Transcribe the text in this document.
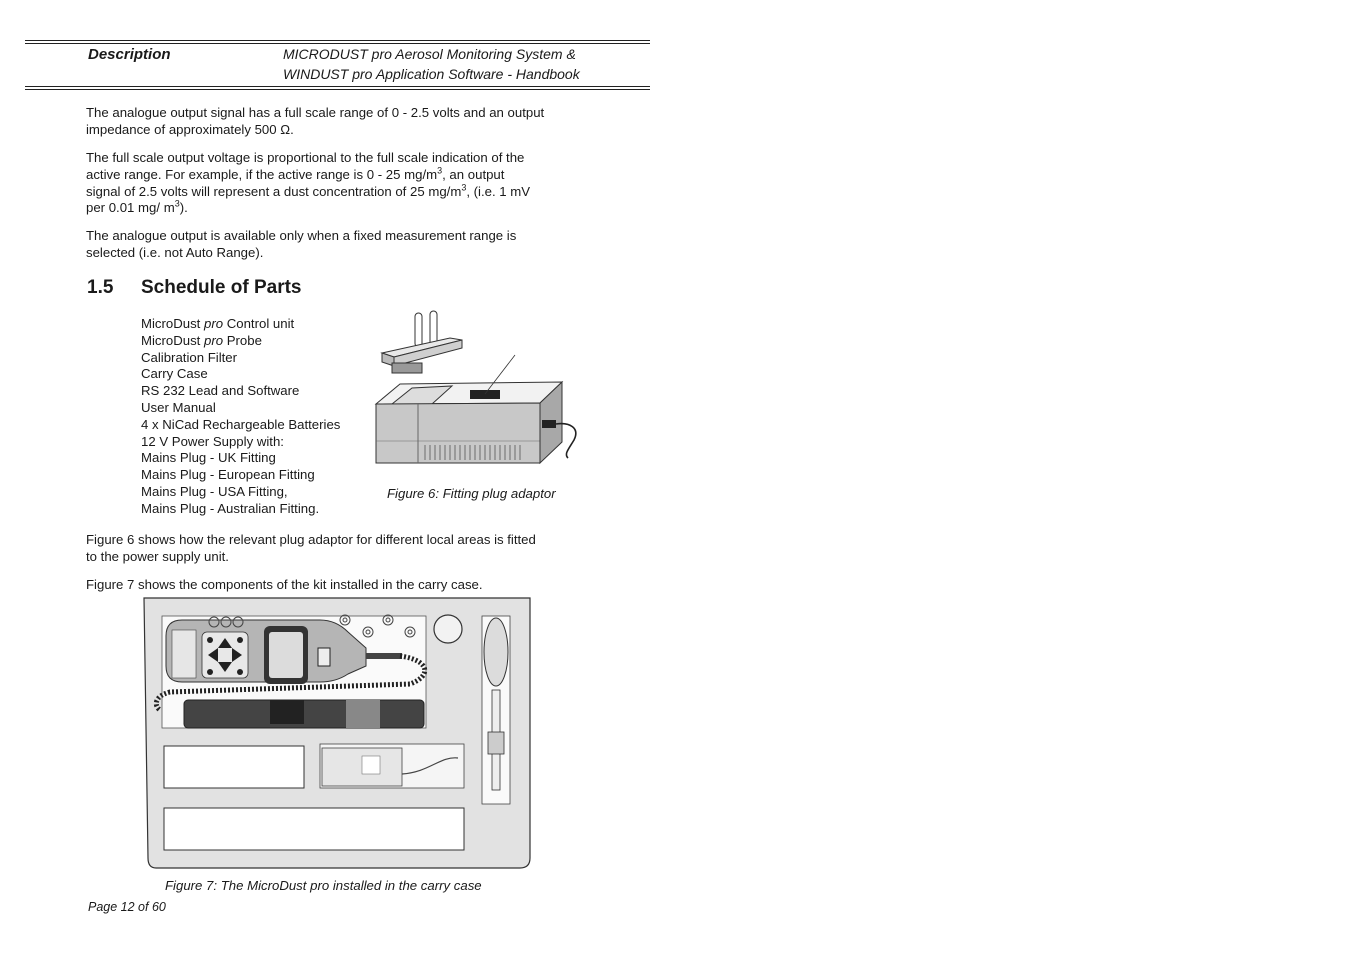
Description	MICRODUST pro Aerosol Monitoring System &
WINDUST pro Application Software - Handbook
The analogue output signal has a full scale range of 0 - 2.5 volts and an output
impedance of approximately 500 Ω.
The full scale output voltage is proportional to the full scale indication of the
active range. For example, if the active range is 0 - 25 $mg/m^3$, an output
signal of 2.5 volts will represent a dust concentration of 25 $mg/m^3$, (i.e. 1 mV
per 0.01 mg/ $m^3$).
The analogue output is available only when a fixed measurement range is
selected (i.e. not Auto Range).
1.5 Schedule of Parts
MicroDust pro Control unit
MicroDust pro Probe
Calibration Filter
Carry Case
RS 232 Lead and Software
User Manual
4 x NiCad Rechargeable Batteries
12 V Power Supply with:
Mains Plug - UK Fitting
Mains Plug - European Fitting
Mains Plug - USA Fitting,
Mains Plug - Australian Fitting.
Figure 6: Fitting plug adaptor
Figure 6 shows how the relevant plug adaptor for different local areas is fitted
to the power supply unit.
Figure 7 shows the components of the kit installed in the carry case.
Figure 7: The MicroDust pro installed in the carry case
Page 12 of 60
